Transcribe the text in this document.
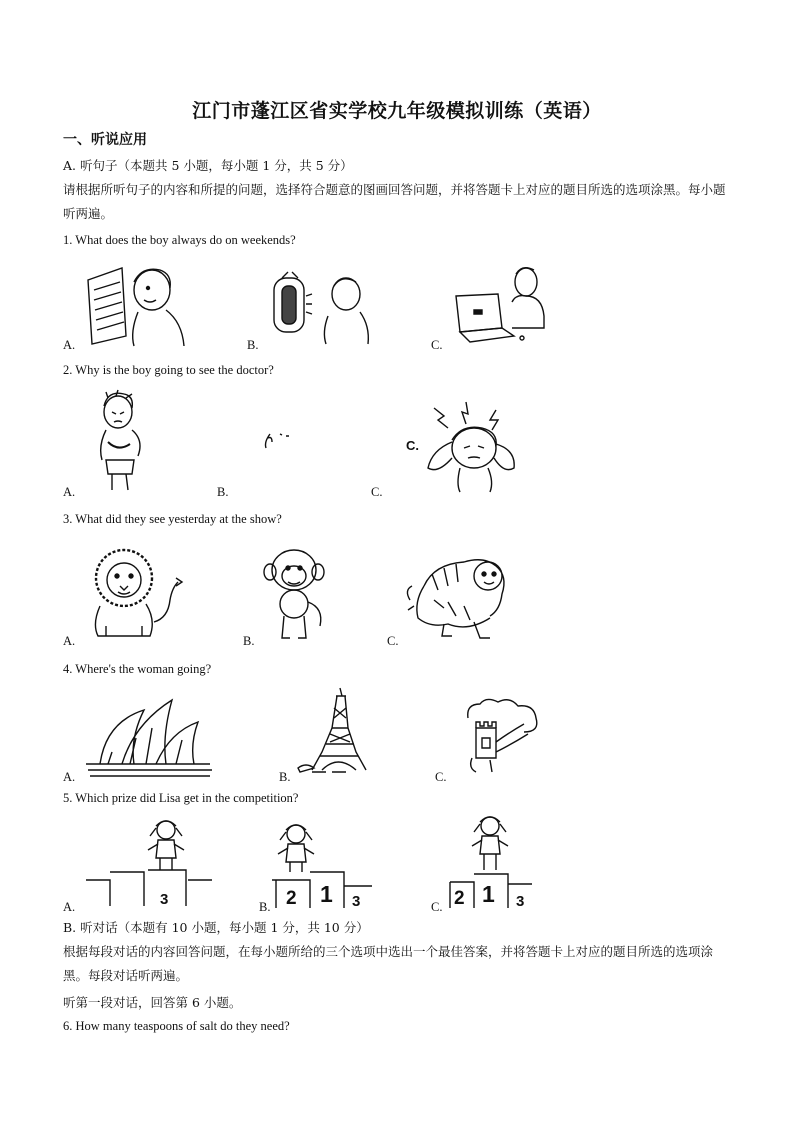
江门市蓬江区省实学校九年级模拟训练（英语）
一、听说应用
A. 听句子（本题共 5 小题，每小题 1 分，共 5 分）
请根据所听句子的内容和所提的问题，选择符合题意的图画回答问题，并将答题卡上对应的题目所选的选项涂黑。每小题听两遍。
1. What does the boy always do on weekends?
A.	B.	C.
2. Why is the boy going to see the doctor?
A.	B.
C.
C.
3. What did they see yesterday at the show?
A.	B.	C.
4. Where's the woman going?
A.	B.	C.
5. Which prize did Lisa get in the competition?
3
A.	2 1 3
B.	2 1 3
C.
B. 听对话（本题有 10 小题，每小题 1 分，共 10 分）
根据每段对话的内容回答问题，在每小题所给的三个选项中选出一个最佳答案，并将答题卡上对应的题目所选的选项涂黑。每段对话听两遍。
听第一段对话，回答第 6 小题。
6. How many teaspoons of salt do they need?
